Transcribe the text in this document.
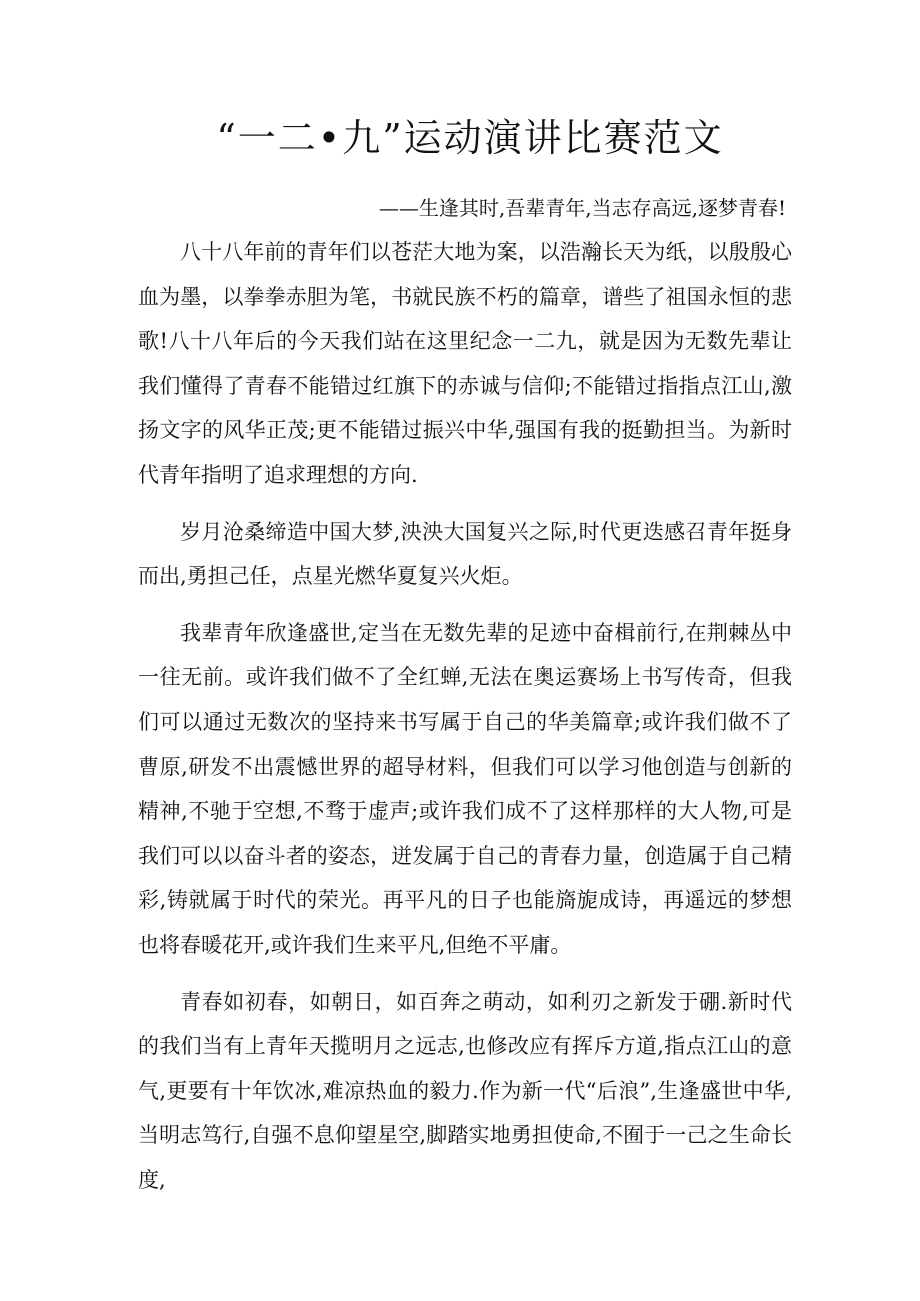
“一二•九”运动演讲比赛范文
——生逢其时,吾辈青年,当志存高远,逐梦青春!

八十八年前的青年们以苍茫大地为案，以浩瀚长天为纸，以殷殷心血为墨，以拳拳赤胆为笔，书就民族不朽的篇章，谱些了祖国永恒的悲歌!八十八年后的今天我们站在这里纪念一二九，就是因为无数先辈让我们懂得了青春不能错过红旗下的赤诚与信仰;不能错过指指点江山,激扬文字的风华正茂;更不能错过振兴中华,强国有我的挺勤担当。为新时代青年指明了追求理想的方向.

岁月沧桑缔造中国大梦,泱泱大国复兴之际,时代更迭感召青年挺身而出,勇担己任，点星光燃华夏复兴火炬。

我辈青年欣逢盛世,定当在无数先辈的足迹中奋楫前行,在荆棘丛中一往无前。或许我们做不了全红蝉,无法在奥运赛场上书写传奇，但我们可以通过无数次的坚持来书写属于自己的华美篇章;或许我们做不了曹原,研发不出震憾世界的超导材料，但我们可以学习他创造与创新的精神,不驰于空想,不骛于虚声;或许我们成不了这样那样的大人物,可是我们可以以奋斗者的姿态，迸发属于自己的青春力量，创造属于自己精彩,铸就属于时代的荣光。再平凡的日子也能旖旎成诗，再遥远的梦想也将春暖花开,或许我们生来平凡,但绝不平庸。

青春如初春，如朝日，如百奔之萌动，如利刃之新发于硼.新时代的我们当有上青年天揽明月之远志,也修改应有挥斥方道,指点江山的意气,更要有十年饮冰,难凉热血的毅力.作为新一代“后浪”,生逢盛世中华,当明志笃行,自强不息仰望星空,脚踏实地勇担使命,不囿于一己之生命长度,
